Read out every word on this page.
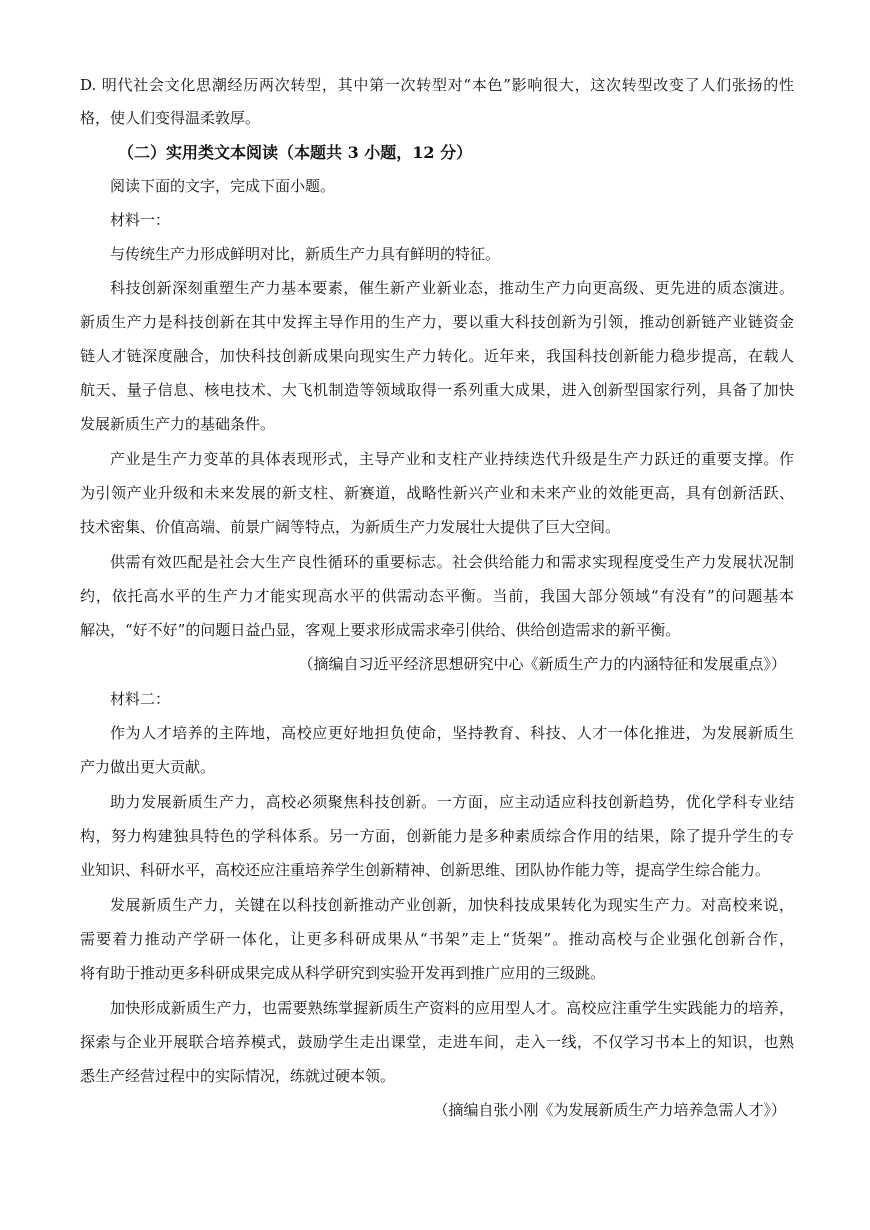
D. 明代社会文化思潮经历两次转型，其中第一次转型对“本色”影响很大，这次转型改变了人们张扬的性
格，使人们变得温柔敦厚。
（二）实用类文本阅读（本题共 3 小题，12 分）
阅读下面的文字，完成下面小题。
材料一：
与传统生产力形成鲜明对比，新质生产力具有鲜明的特征。
科技创新深刻重塑生产力基本要素，催生新产业新业态，推动生产力向更高级、更先进的质态演进。
新质生产力是科技创新在其中发挥主导作用的生产力，要以重大科技创新为引领，推动创新链产业链资金
链人才链深度融合，加快科技创新成果向现实生产力转化。近年来，我国科技创新能力稳步提高，在载人
航天、量子信息、核电技术、大飞机制造等领域取得一系列重大成果，进入创新型国家行列，具备了加快
发展新质生产力的基础条件。
产业是生产力变革的具体表现形式，主导产业和支柱产业持续迭代升级是生产力跃迁的重要支撑。作
为引领产业升级和未来发展的新支柱、新赛道，战略性新兴产业和未来产业的效能更高，具有创新活跃、
技术密集、价值高端、前景广阔等特点，为新质生产力发展壮大提供了巨大空间。
供需有效匹配是社会大生产良性循环的重要标志。社会供给能力和需求实现程度受生产力发展状况制
约，依托高水平的生产力才能实现高水平的供需动态平衡。当前，我国大部分领域“有没有”的问题基本
解决，“好不好”的问题日益凸显，客观上要求形成需求牵引供给、供给创造需求的新平衡。
（摘编自习近平经济思想研究中心《新质生产力的内涵特征和发展重点》）
材料二：
作为人才培养的主阵地，高校应更好地担负使命，坚持教育、科技、人才一体化推进，为发展新质生
产力做出更大贡献。
助力发展新质生产力，高校必须聚焦科技创新。一方面，应主动适应科技创新趋势，优化学科专业结
构，努力构建独具特色的学科体系。另一方面，创新能力是多种素质综合作用的结果，除了提升学生的专
业知识、科研水平，高校还应注重培养学生创新精神、创新思维、团队协作能力等，提高学生综合能力。
发展新质生产力，关键在以科技创新推动产业创新，加快科技成果转化为现实生产力。对高校来说，
需要着力推动产学研一体化，让更多科研成果从“书架”走上“货架”。推动高校与企业强化创新合作，
将有助于推动更多科研成果完成从科学研究到实验开发再到推广应用的三级跳。
加快形成新质生产力，也需要熟练掌握新质生产资料的应用型人才。高校应注重学生实践能力的培养，
探索与企业开展联合培养模式，鼓励学生走出课堂，走进车间，走入一线，不仅学习书本上的知识，也熟
悉生产经营过程中的实际情况，练就过硬本领。
（摘编自张小刚《为发展新质生产力培养急需人才》）
